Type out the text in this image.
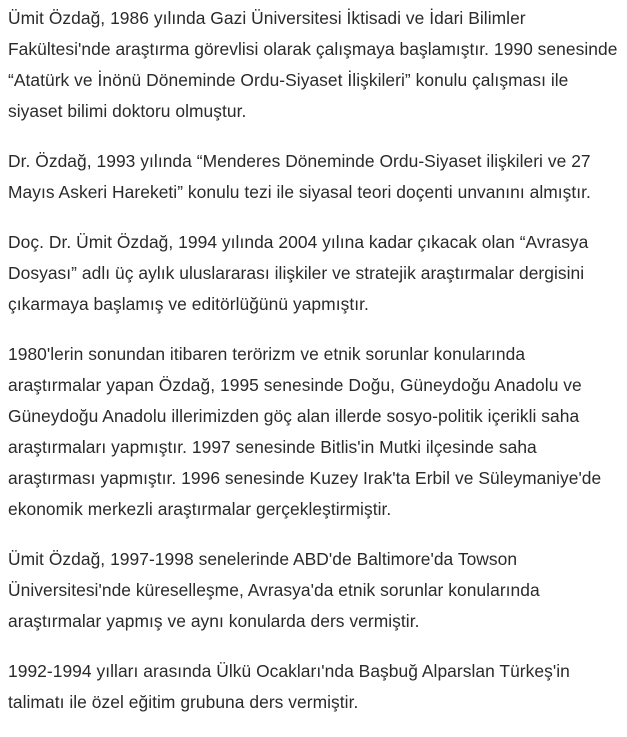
Ümit Özdağ, 1986 yılında Gazi Üniversitesi İktisadi ve İdari Bilimler Fakültesi'nde araştırma görevlisi olarak çalışmaya başlamıştır. 1990 senesinde “Atatürk ve İnönü Döneminde Ordu-Siyaset İlişkileri” konulu çalışması ile siyaset bilimi doktoru olmuştur.

Dr. Özdağ, 1993 yılında “Menderes Döneminde Ordu-Siyaset ilişkileri ve 27 Mayıs Askeri Hareketi” konulu tezi ile siyasal teori doçenti unvanını almıştır.

Doç. Dr. Ümit Özdağ, 1994 yılında 2004 yılına kadar çıkacak olan “Avrasya Dosyası” adlı üç aylık uluslararası ilişkiler ve stratejik araştırmalar dergisini çıkarmaya başlamış ve editörlüğünü yapmıştır.

1980'lerin sonundan itibaren terörizm ve etnik sorunlar konularında araştırmalar yapan Özdağ, 1995 senesinde Doğu, Güneydoğu Anadolu ve Güneydoğu Anadolu illerimizden göç alan illerde sosyo-politik içerikli saha araştırmaları yapmıştır. 1997 senesinde Bitlis'in Mutki ilçesinde saha araştırması yapmıştır. 1996 senesinde Kuzey Irak'ta Erbil ve Süleymaniye'de ekonomik merkezli araştırmalar gerçekleştirmiştir.

Ümit Özdağ, 1997-1998 senelerinde ABD'de Baltimore'da Towson Üniversitesi'nde küreselleşme, Avrasya'da etnik sorunlar konularında araştırmalar yapmış ve aynı konularda ders vermiştir.

1992-1994 yılları arasında Ülkü Ocakları'nda Başbuğ Alparslan Türkeş'in talimatı ile özel eğitim grubuna ders vermiştir.
